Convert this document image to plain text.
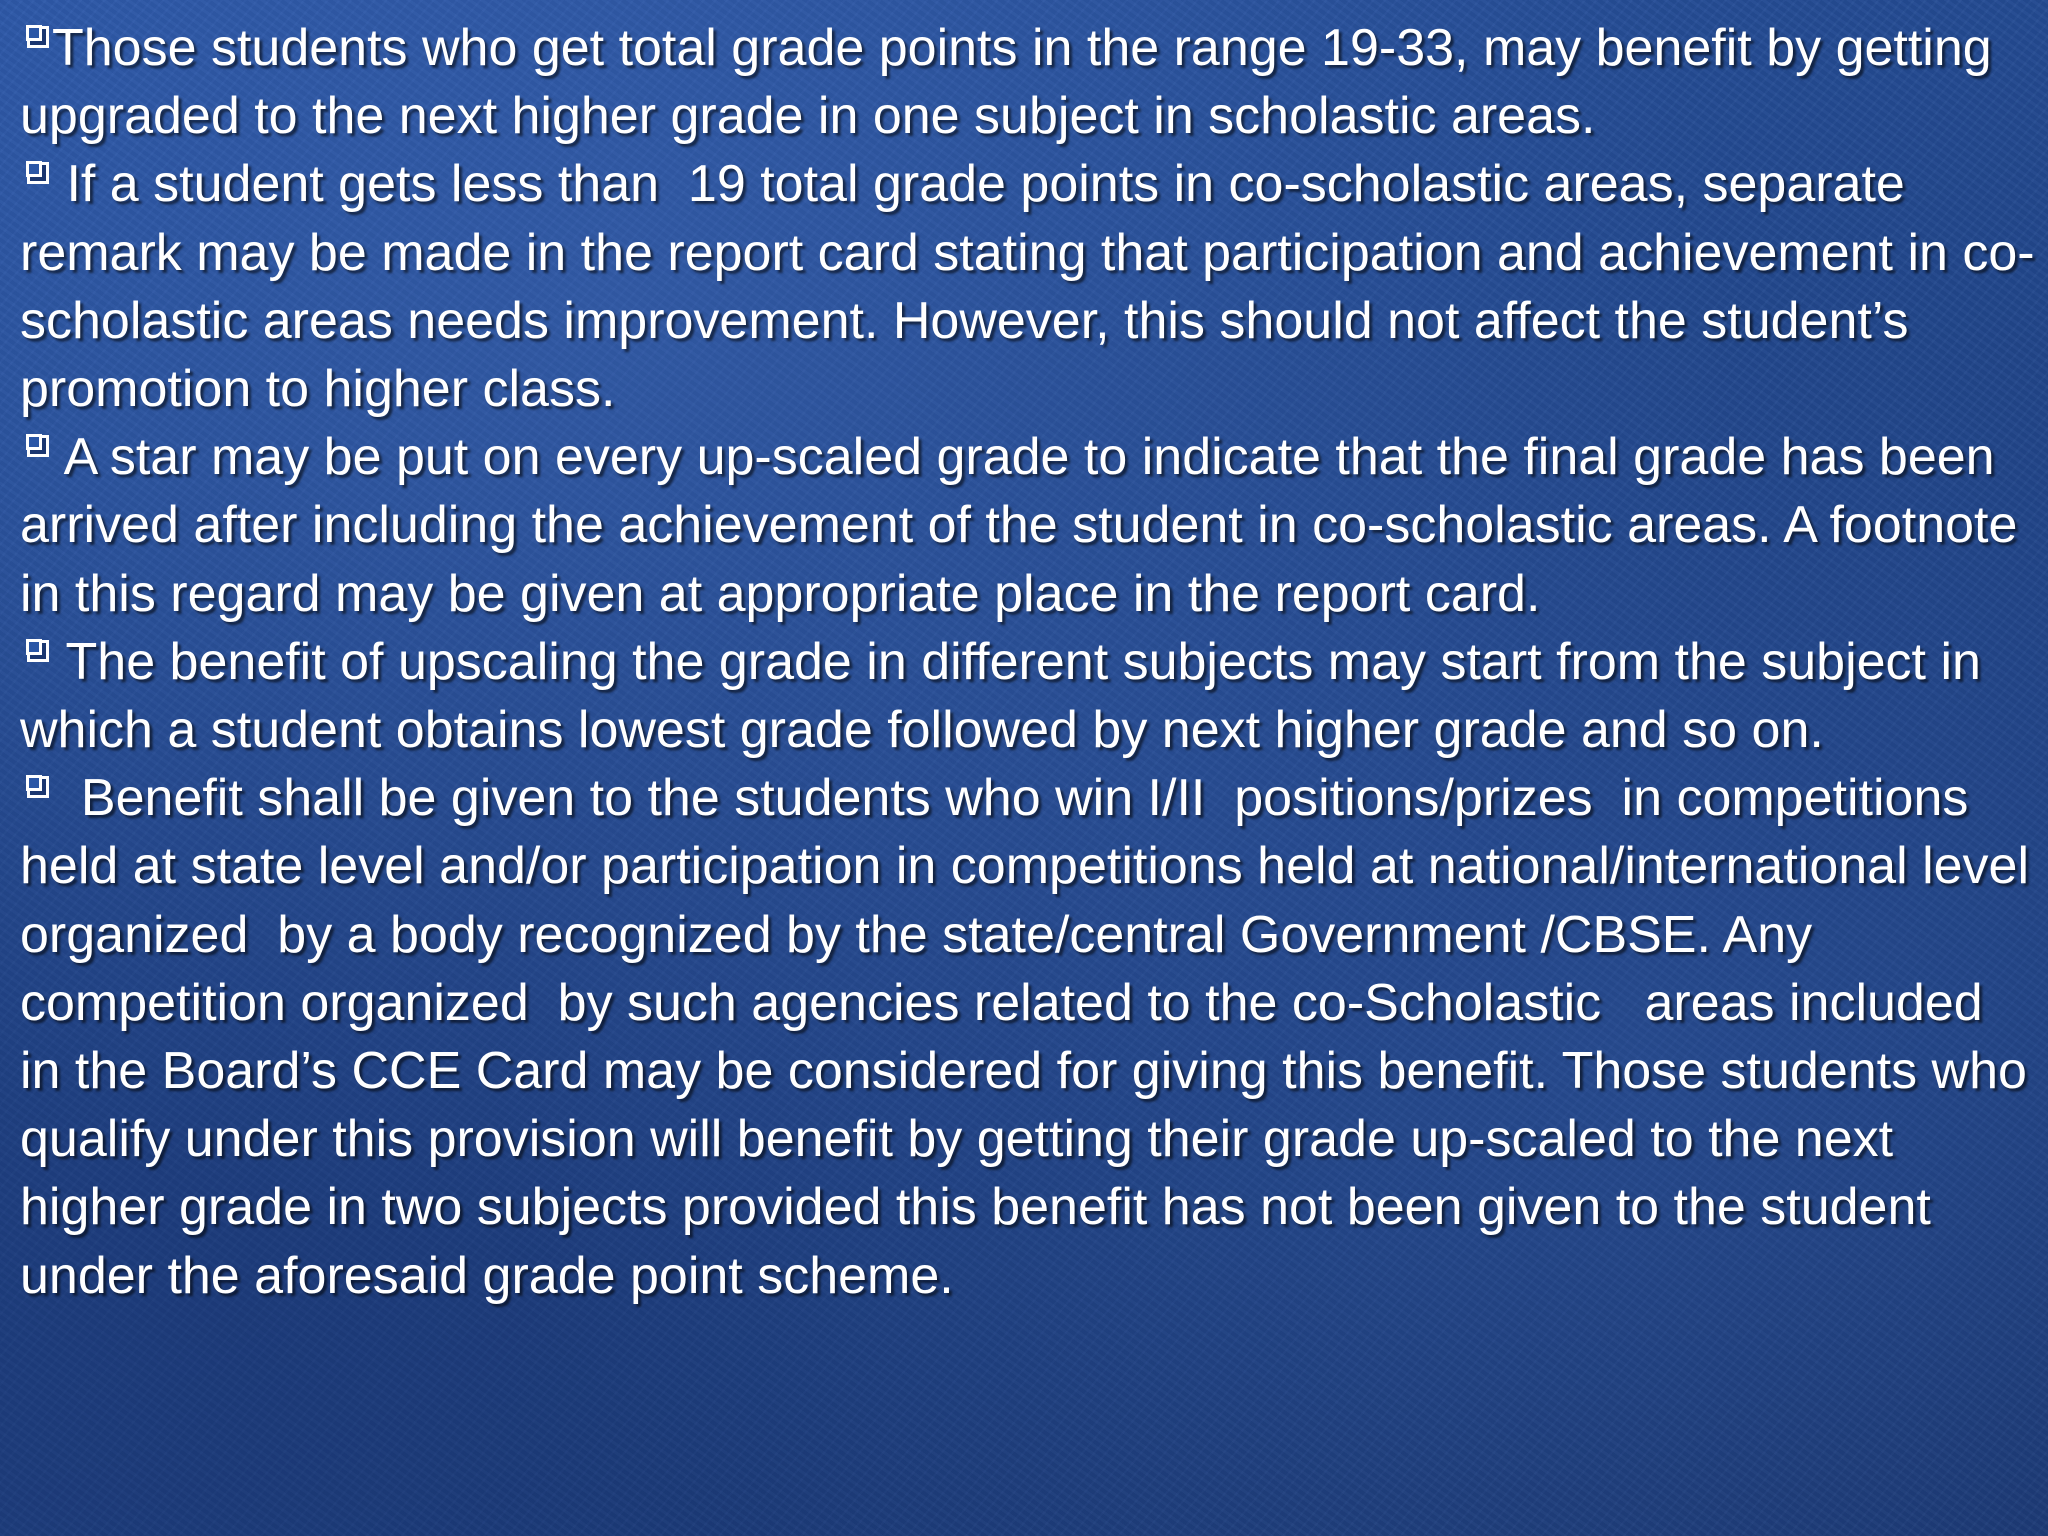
Those students who get total grade points in the range 19-33, may benefit by getting upgraded to the next higher grade in one subject in scholastic areas.

If a student gets less than  19 total grade points in co-scholastic areas, separate remark may be made in the report card stating that participation and achievement in co-scholastic areas needs improvement. However, this should not affect the student’s promotion to higher class.

A star may be put on every up-scaled grade to indicate that the final grade has been arrived after including the achievement of the student in co-scholastic areas. A footnote in this regard may be given at appropriate place in the report card.

The benefit of upscaling the grade in different subjects may start from the subject in which a student obtains lowest grade followed by next higher grade and so on.

Benefit shall be given to the students who win I/II  positions/prizes  in competitions held at state level and/or participation in competitions held at national/international level organized  by a body recognized by the state/central Government /CBSE. Any competition organized  by such agencies related to the co-Scholastic   areas included in the Board’s CCE Card may be considered for giving this benefit. Those students who qualify under this provision will benefit by getting their grade up-scaled to the next higher grade in two subjects provided this benefit has not been given to the student under the aforesaid grade point scheme.
